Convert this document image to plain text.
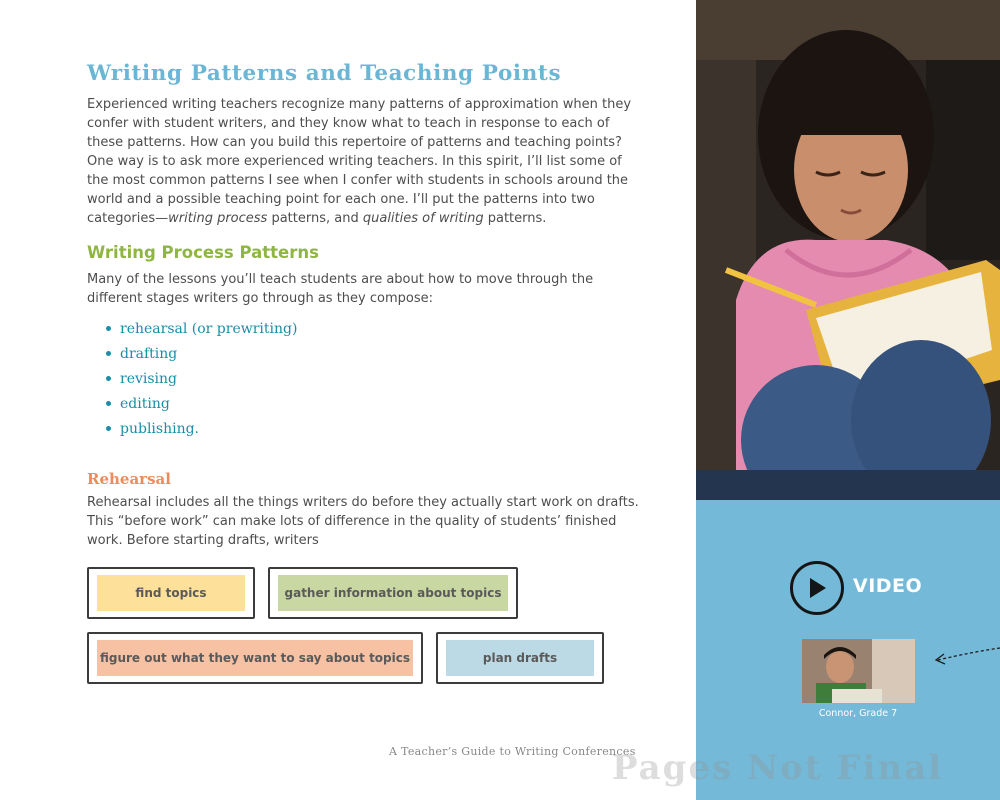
Writing Patterns and Teaching Points

Experienced writing teachers recognize many patterns of approximation when they confer with student writers, and they know what to teach in response to each of these patterns. How can you build this repertoire of patterns and teaching points? One way is to ask more experienced writing teachers. In this spirit, I’ll list some of the most common patterns I see when I confer with students in schools around the world and a possible teaching point for each one. I’ll put the patterns into two categories—writing process patterns, and qualities of writing patterns.

Writing Process Patterns

Many of the lessons you’ll teach students are about how to move through the different stages writers go through as they compose:

rehearsal (or prewriting)
drafting
revising
editing
publishing.
Rehearsal

Rehearsal includes all the things writers do before they actually start work on drafts. This “before work” can make lots of difference in the quality of students’ finished work. Before starting drafts, writers

find topics	gather information about topics
figure out what they want to say about topics	plan drafts
A Teacher’s Guide to Writing Conferences
VIDEO
Connor, Grade 7
Pages Not Final
